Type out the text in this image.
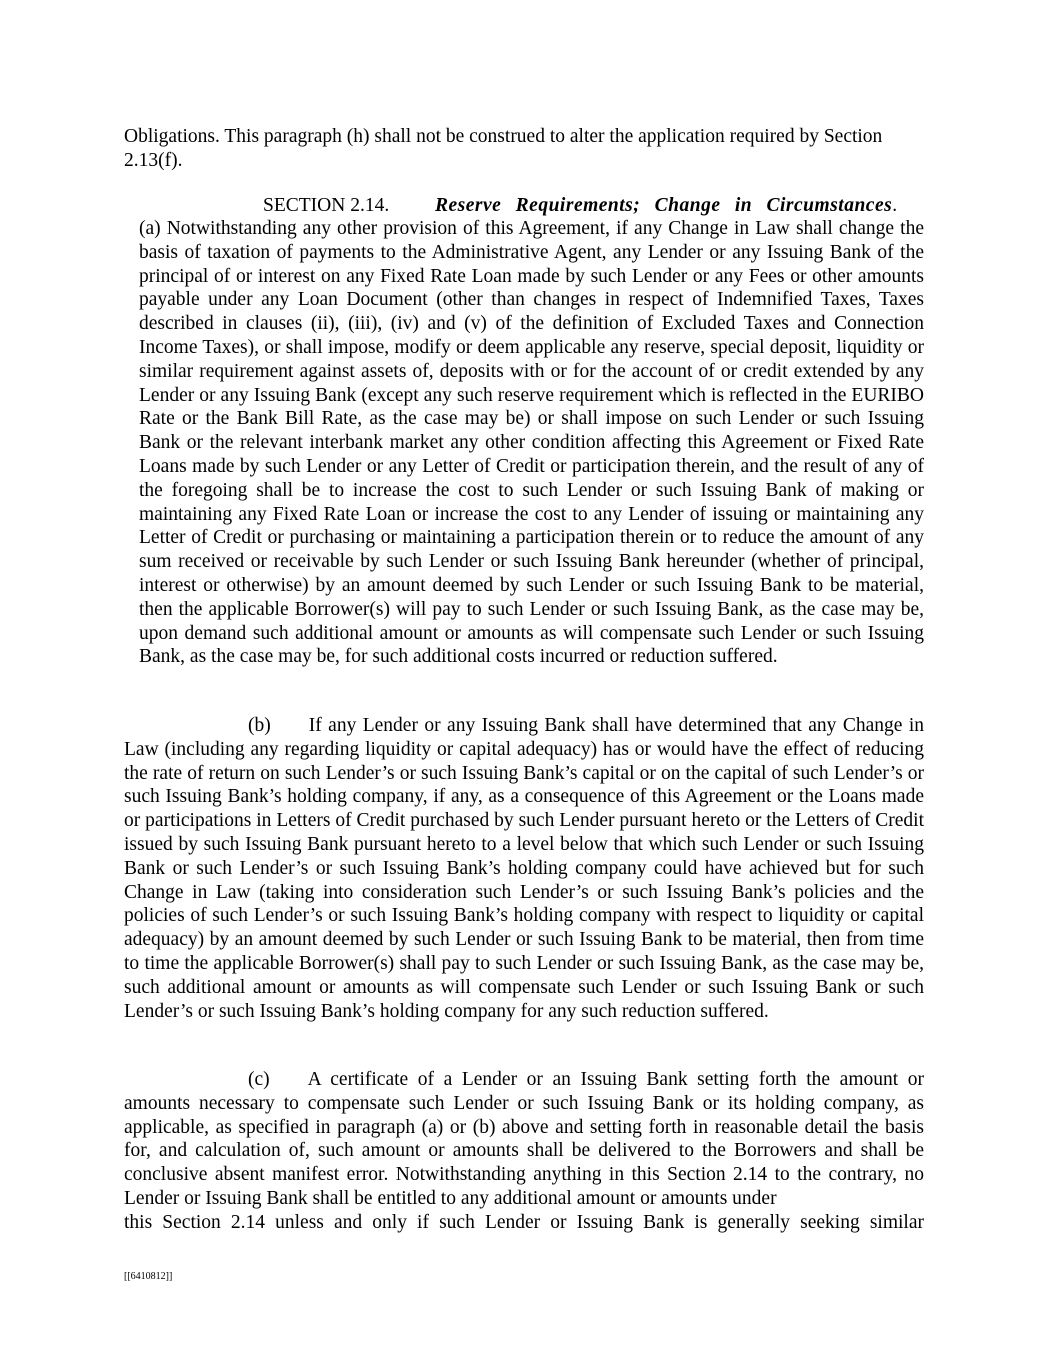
Obligations. This paragraph (h) shall not be construed to alter the application required by Section 2.13(f).

SECTION 2.14. Reserve Requirements; Change in Circumstances.

(a) Notwithstanding any other provision of this Agreement, if any Change in Law shall change the basis of taxation of payments to the Administrative Agent, any Lender or any Issuing Bank of the principal of or interest on any Fixed Rate Loan made by such Lender or any Fees or other amounts payable under any Loan Document (other than changes in respect of Indemnified Taxes, Taxes described in clauses (ii), (iii), (iv) and (v) of the definition of Excluded Taxes and Connection Income Taxes), or shall impose, modify or deem applicable any reserve, special deposit, liquidity or similar requirement against assets of, deposits with or for the account of or credit extended by any Lender or any Issuing Bank (except any such reserve requirement which is reflected in the EURIBO Rate or the Bank Bill Rate, as the case may be) or shall impose on such Lender or such Issuing Bank or the relevant interbank market any other condition affecting this Agreement or Fixed Rate Loans made by such Lender or any Letter of Credit or participation therein, and the result of any of the foregoing shall be to increase the cost to such Lender or such Issuing Bank of making or maintaining any Fixed Rate Loan or increase the cost to any Lender of issuing or maintaining any Letter of Credit or purchasing or maintaining a participation therein or to reduce the amount of any sum received or receivable by such Lender or such Issuing Bank hereunder (whether of principal, interest or otherwise) by an amount deemed by such Lender or such Issuing Bank to be material, then the applicable Borrower(s) will pay to such Lender or such Issuing Bank, as the case may be, upon demand such additional amount or amounts as will compensate such Lender or such Issuing Bank, as the case may be, for such additional costs incurred or reduction suffered.

(b) If any Lender or any Issuing Bank shall have determined that any Change in Law (including any regarding liquidity or capital adequacy) has or would have the effect of reducing the rate of return on such Lender’s or such Issuing Bank’s capital or on the capital of such Lender’s or such Issuing Bank’s holding company, if any, as a consequence of this Agreement or the Loans made or participations in Letters of Credit purchased by such Lender pursuant hereto or the Letters of Credit issued by such Issuing Bank pursuant hereto to a level below that which such Lender or such Issuing Bank or such Lender’s or such Issuing Bank’s holding company could have achieved but for such Change in Law (taking into consideration such Lender’s or such Issuing Bank’s policies and the policies of such Lender’s or such Issuing Bank’s holding company with respect to liquidity or capital adequacy) by an amount deemed by such Lender or such Issuing Bank to be material, then from time to time the applicable Borrower(s) shall pay to such Lender or such Issuing Bank, as the case may be, such additional amount or amounts as will compensate such Lender or such Issuing Bank or such Lender’s or such Issuing Bank’s holding company for any such reduction suffered.

(c) A certificate of a Lender or an Issuing Bank setting forth the amount or amounts necessary to compensate such Lender or such Issuing Bank or its holding company, as applicable, as specified in paragraph (a) or (b) above and setting forth in reasonable detail the basis for, and calculation of, such amount or amounts shall be delivered to the Borrowers and shall be conclusive absent manifest error. Notwithstanding anything in this Section 2.14 to the contrary, no Lender or Issuing Bank shall be entitled to any additional amount or amounts under
this Section 2.14 unless and only if such Lender or Issuing Bank is generally seeking similar
[[6410812]]
